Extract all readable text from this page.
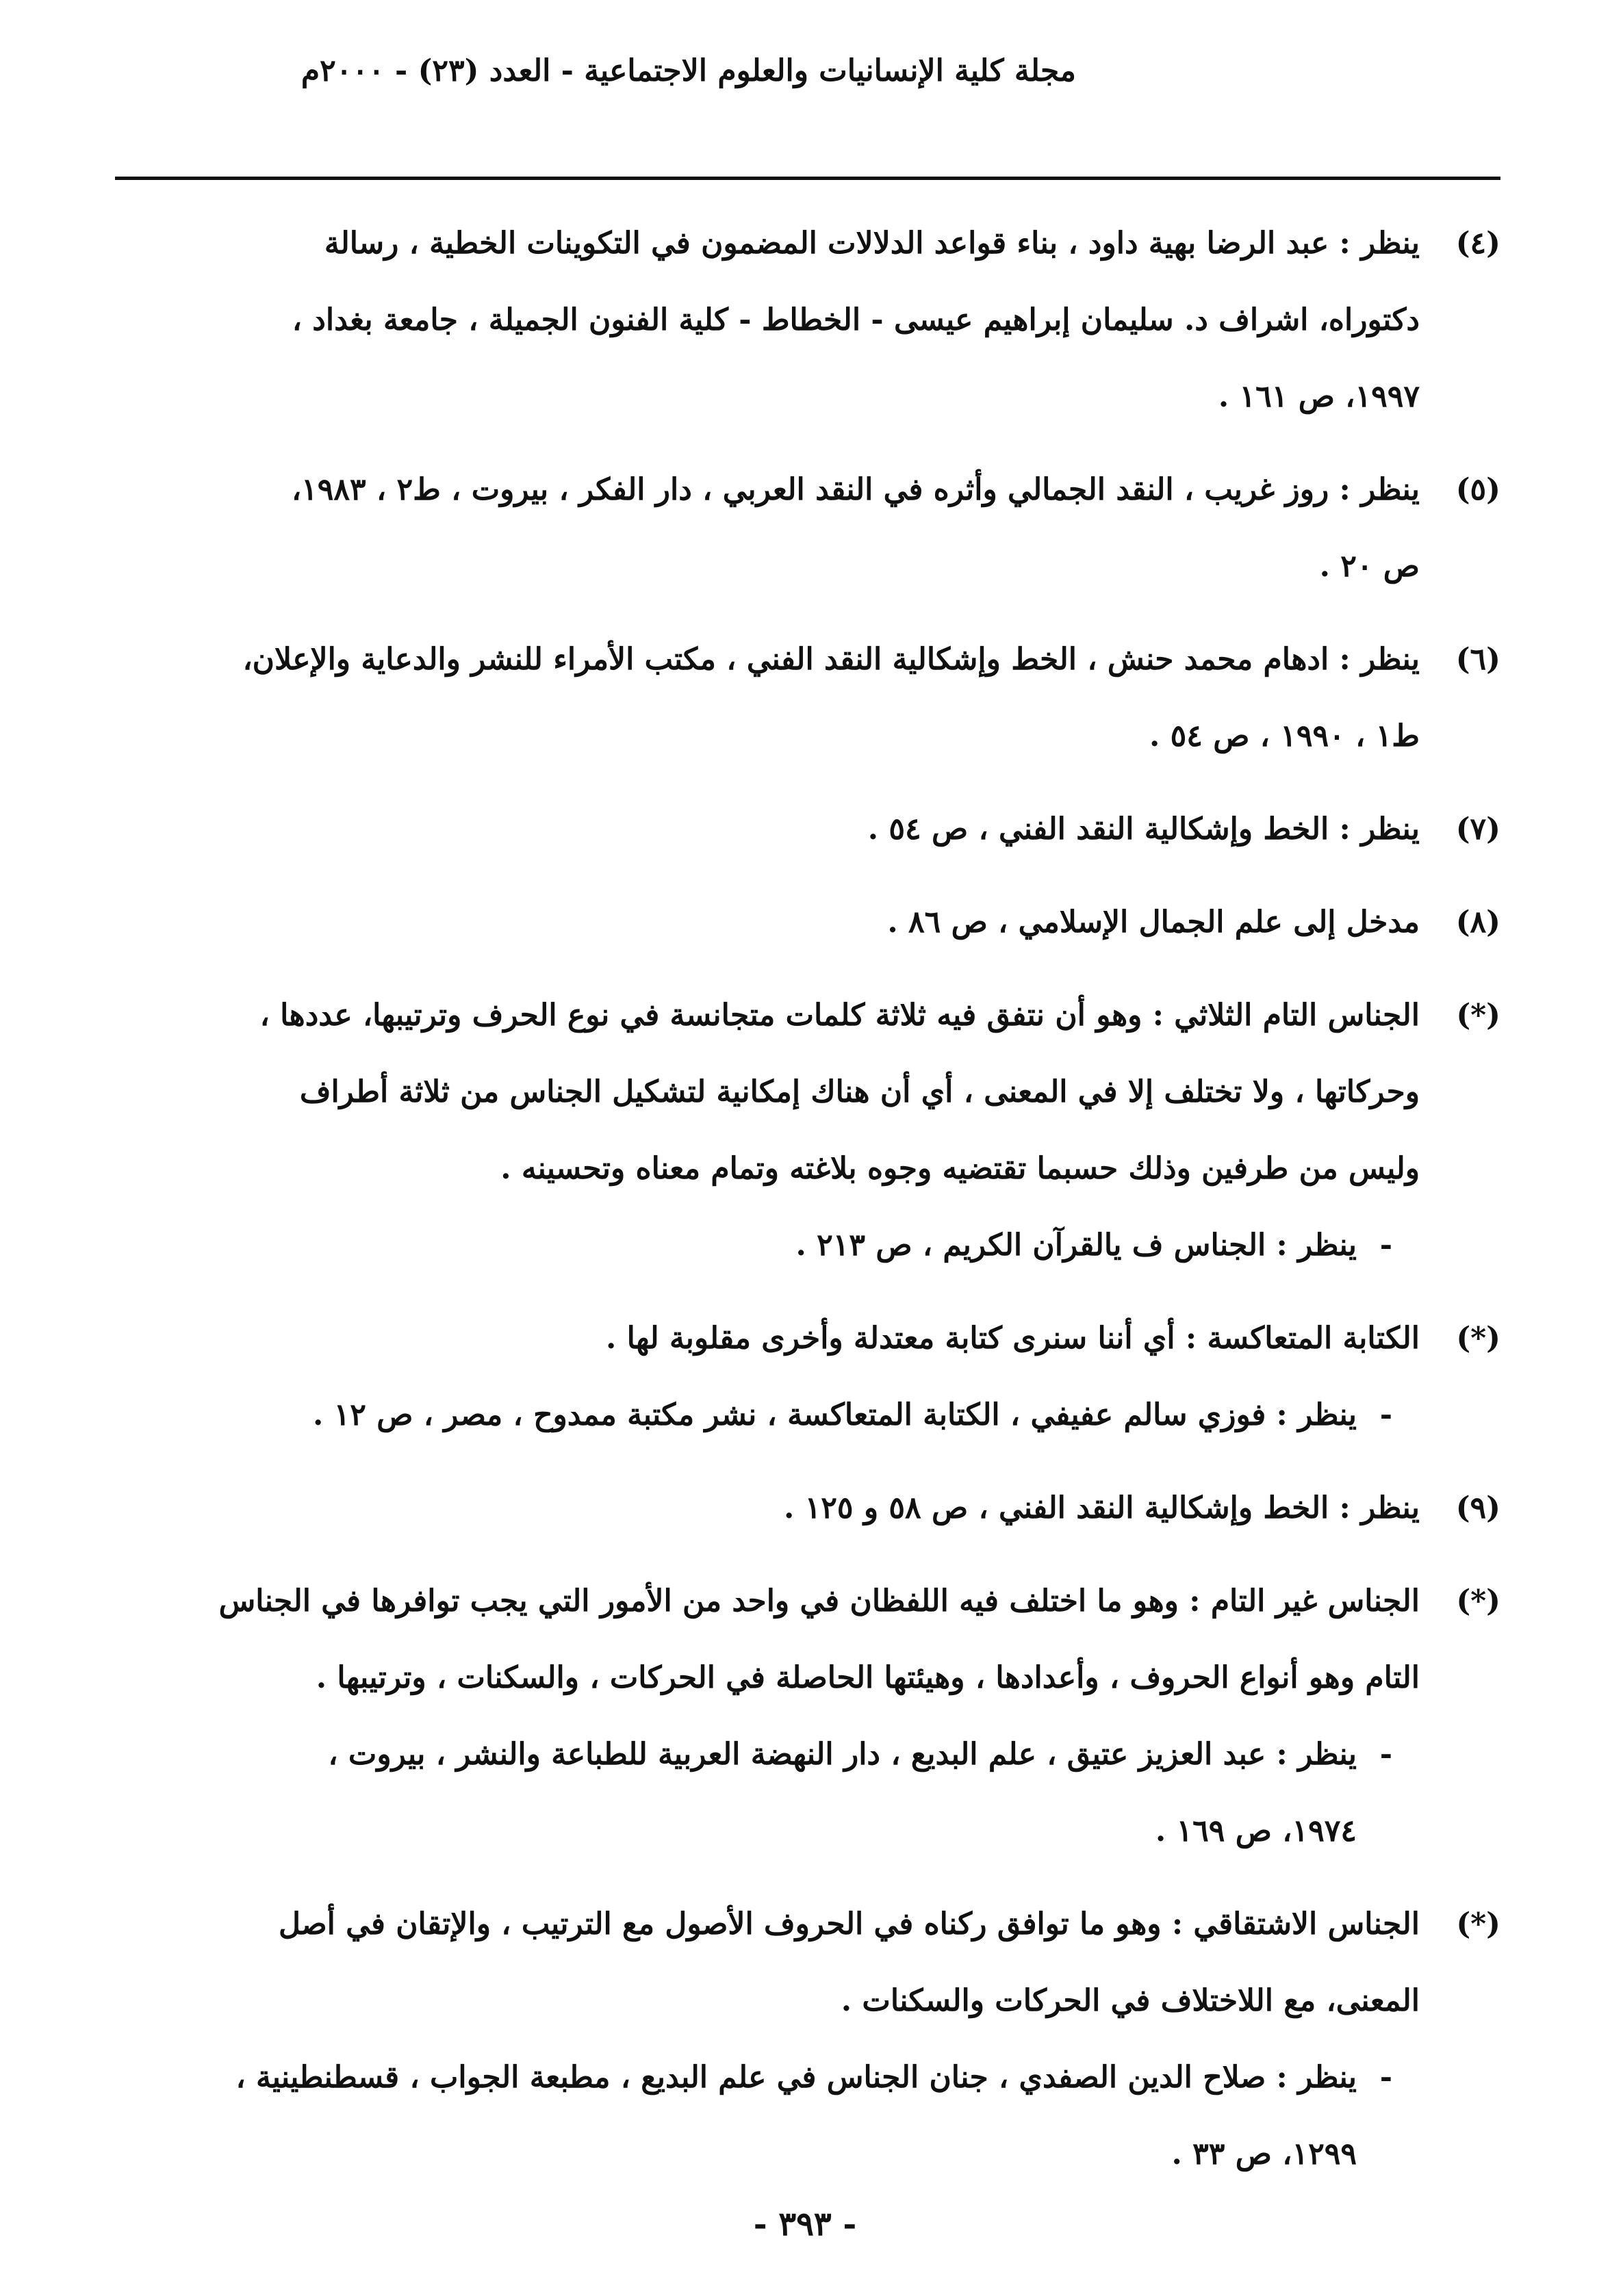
مجلة كلية الإنسانيات والعلوم الاجتماعية - العدد (٢٣) - ٢٠٠٠م
(٤)
ينظر : عبد الرضا بهية داود ، بناء قواعد الدلالات المضمون في التكوينات الخطية ، رسالة
دكتوراه، اشراف د. سليمان إبراهيم عيسى - الخطاط - كلية الفنون الجميلة ، جامعة بغداد ،
١٩٩٧، ص ١٦١ .
(٥)
ينظر : روز غريب ، النقد الجمالي وأثره في النقد العربي ، دار الفكر ، بيروت ، ط٢ ، ١٩٨٣،
ص ٢٠ .
(٦)
ينظر : ادهام محمد حنش ، الخط وإشكالية النقد الفني ، مكتب الأمراء للنشر والدعاية والإعلان،
ط١ ، ١٩٩٠ ، ص ٥٤ .
(٧)
ينظر : الخط وإشكالية النقد الفني ، ص ٥٤ .
(٨)
مدخل إلى علم الجمال الإسلامي ، ص ٨٦ .
(*)
الجناس التام الثلاثي : وهو أن نتفق فيه ثلاثة كلمات متجانسة في نوع الحرف وترتيبها، عددها ،
وحركاتها ، ولا تختلف إلا في المعنى ، أي أن هناك إمكانية لتشكيل الجناس من ثلاثة أطراف
وليس من طرفين وذلك حسبما تقتضيه وجوه بلاغته وتمام معناه وتحسينه .
-ينظر : الجناس ف يالقرآن الكريم ، ص ٢١٣ .
(*)
الكتابة المتعاكسة : أي أننا سنرى كتابة معتدلة وأخرى مقلوبة لها .
-ينظر : فوزي سالم عفيفي ، الكتابة المتعاكسة ، نشر مكتبة ممدوح ، مصر ، ص ١٢ .
(٩)
ينظر : الخط وإشكالية النقد الفني ، ص ٥٨ و ١٢٥ .
(*)
الجناس غير التام : وهو ما اختلف فيه اللفظان في واحد من الأمور التي يجب توافرها في الجناس
التام وهو أنواع الحروف ، وأعدادها ، وهيئتها الحاصلة في الحركات ، والسكنات ، وترتيبها .
-ينظر : عبد العزيز عتيق ، علم البديع ، دار النهضة العربية للطباعة والنشر ، بيروت ،
١٩٧٤، ص ١٦٩ .
(*)
الجناس الاشتقاقي : وهو ما توافق ركناه في الحروف الأصول مع الترتيب ، والإتقان في أصل
المعنى، مع اللاختلاف في الحركات والسكنات .
-ينظر : صلاح الدين الصفدي ، جنان الجناس في علم البديع ، مطبعة الجواب ، قسطنطينية ،
١٢٩٩، ص ٣٣ .
- ٣٩٣ -
